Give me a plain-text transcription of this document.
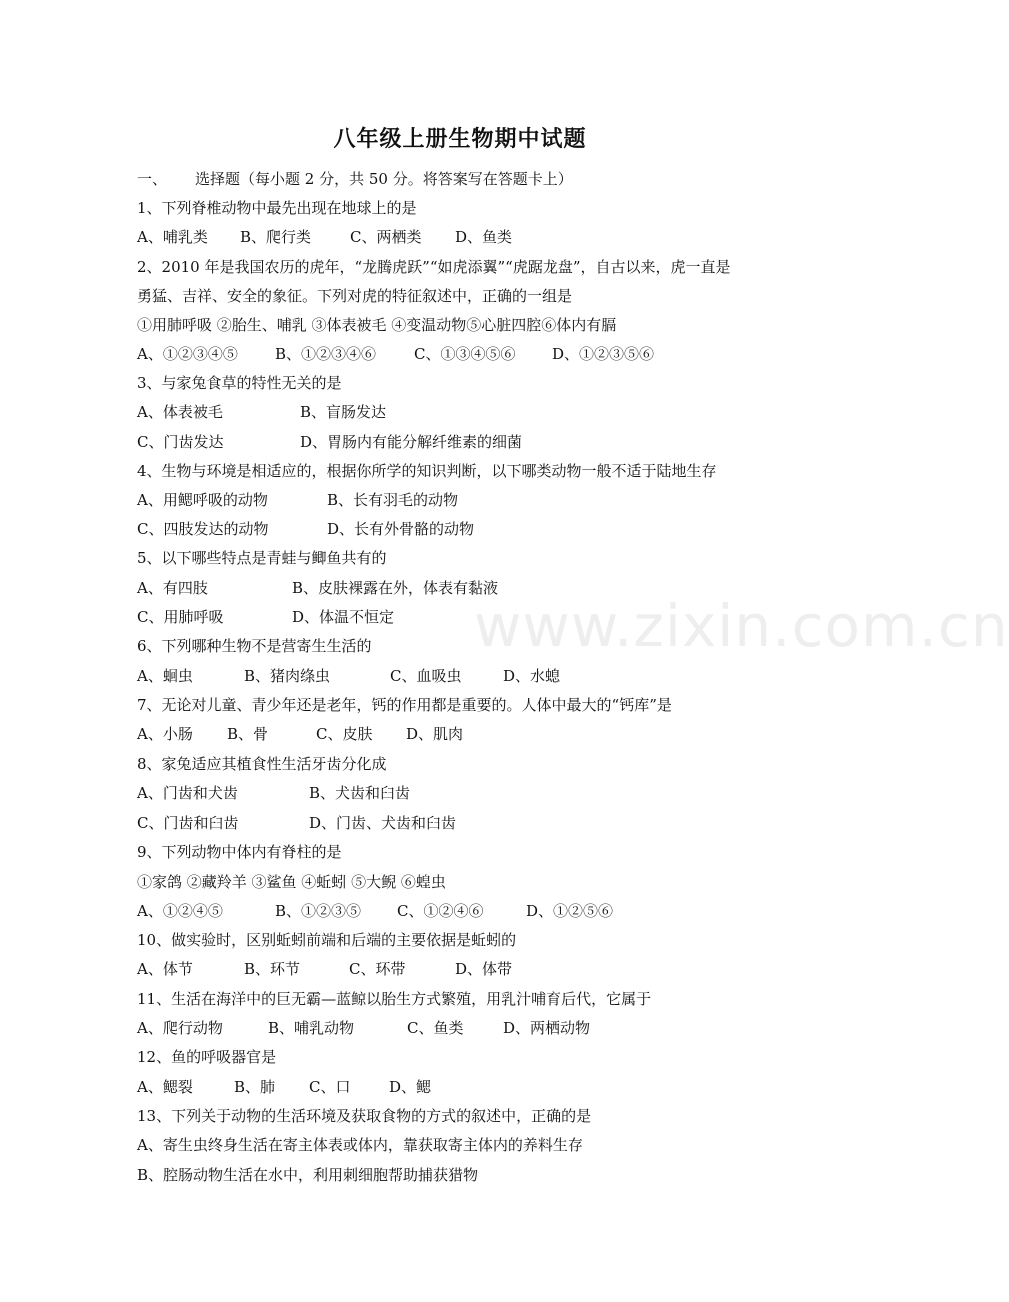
www.zixin.com.cn
八年级上册生物期中试题

一、

选择题（每小题 2 分，共 50 分。将答案写在答题卡上）

1、下列脊椎动物中最先出现在地球上的是

A、哺乳类

B、爬行类

	C、两栖类

D、鱼类

2、2010 年是我国农历的虎年，“龙腾虎跃”“如虎添翼”“虎踞龙盘”，自古以来，虎一直是
勇猛、吉祥、安全的象征。下列对虎的特征叙述中，正确的一组是
①用肺呼吸 ②胎生、哺乳 ③体表被毛 ④变温动物⑤心脏四腔⑥体内有膈

A、①②③④⑤

B、①②③④⑥

	C、①③④⑤⑥

D、①②③⑤⑥

3、与家兔食草的特性无关的是

A、体表被毛

	B、盲肠发达

C、门齿发达

	D、胃肠内有能分解纤维素的细菌

4、生物与环境是相适应的，根据你所学的知识判断，以下哪类动物一般不适于陆地生存

A、用鳃呼吸的动物

	B、长有羽毛的动物

C、四肢发达的动物

	D、长有外骨骼的动物

5、以下哪些特点是青蛙与鲫鱼共有的

A、有四肢

	B、皮肤裸露在外，体表有黏液

C、用肺呼吸

	D、体温不恒定

6、下列哪种生物不是营寄生生活的

A、蛔虫

	B、猪肉绦虫

	C、血吸虫

	D、水螅

7、无论对儿童、青少年还是老年，钙的作用都是重要的。人体中最大的“钙库”是

A、小肠

B、骨

	C、皮肤

D、肌肉

8、家兔适应其植食性生活牙齿分化成

A、门齿和犬齿

	B、犬齿和臼齿

C、门齿和臼齿

	D、门齿、犬齿和臼齿

9、下列动物中体内有脊柱的是
①家鸽 ②藏羚羊 ③鲨鱼 ④蚯蚓 ⑤大鲵 ⑥蝗虫

A、①②④⑤

	B、①②③⑤

C、①②④⑥

	D、①②⑤⑥

10、做实验时，区别蚯蚓前端和后端的主要依据是蚯蚓的

A、体节

	B、环节

	C、环带

	D、体带

11、生活在海洋中的巨无霸—蓝鲸以胎生方式繁殖，用乳汁哺育后代，它属于

A、爬行动物

	B、哺乳动物

	C、鱼类

	D、两栖动物

12、鱼的呼吸器官是

A、鳃裂

	B、肺

C、口

	D、鳃

13、下列关于动物的生活环境及获取食物的方式的叙述中，正确的是
A、寄生虫终身生活在寄主体表或体内，靠获取寄主体内的养料生存
B、腔肠动物生活在水中，利用刺细胞帮助捕获猎物
